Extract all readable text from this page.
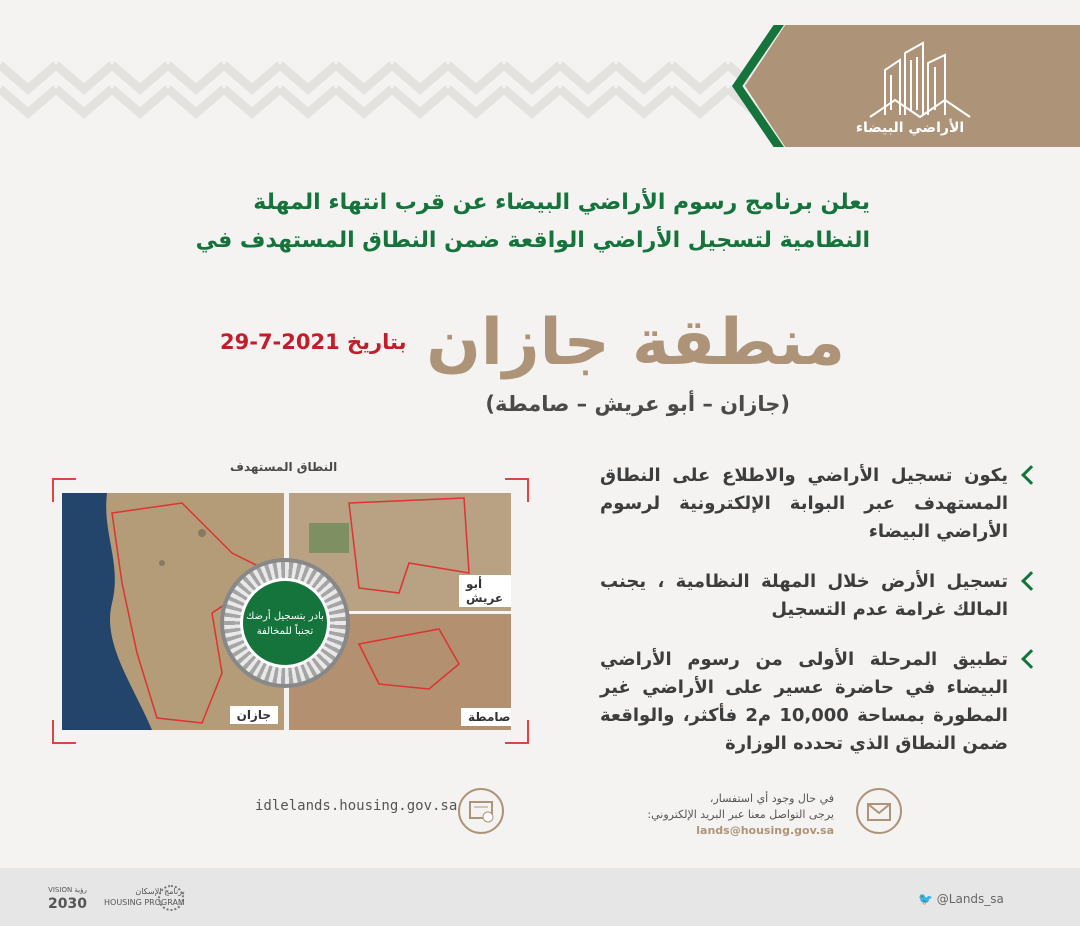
الأراضي البيضاء
يعلن برنامج رسوم الأراضي البيضاء عن قرب انتهاء المهلة
النظامية لتسجيل الأراضي الواقعة ضمن النطاق المستهدف في
منطقة جازان
بتاريخ 29-7-2021
(جازان – أبو عريش – صامطة)
النطاق المستهدف
جازان
أبو عريش
صامطة
بادر بتسجيل أرضك تجنباً للمخالفة
يكون تسجيل الأراضي والاطلاع على النطاق المستهدف عبر البوابة الإلكترونية لرسوم الأراضي البيضاء
تسجيل الأرض خلال المهلة النظامية ، يجنب المالك غرامة عدم التسجيل
تطبيق المرحلة الأولى من رسوم الأراضي البيضاء في حاضرة عسير على الأراضي غير المطورة بمساحة 10,000 م2 فأكثر، والواقعة ضمن النطاق الذي تحدده الوزارة
idlelands.housing.gov.sa	في حال وجود أي استفسار،
يرجى التواصل معنا عبر البريد الإلكتروني:
lands@housing.gov.sa
🐦 @Lands_sa
VISION رؤية
2030
برنامج الإسكان
HOUSING PROGRAM
